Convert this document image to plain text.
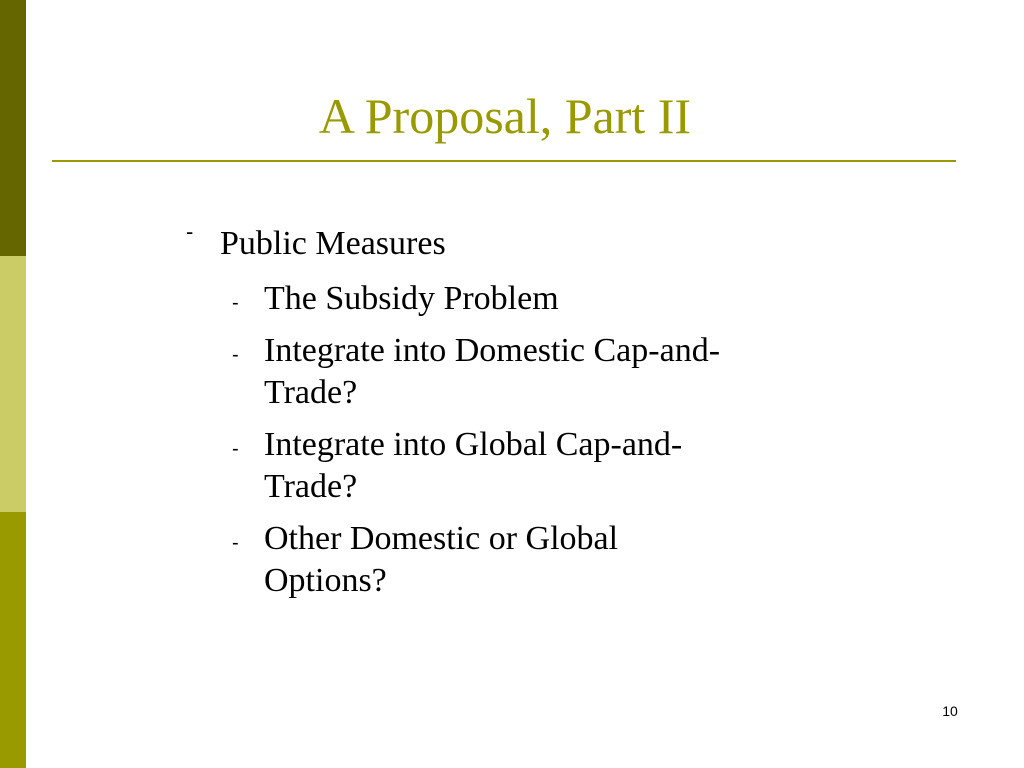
A Proposal, Part II
- Public Measures
- The Subsidy Problem
- Integrate into Domestic Cap-and-Trade?
- Integrate into Global Cap-and-Trade?
- Other Domestic or Global Options?
10
